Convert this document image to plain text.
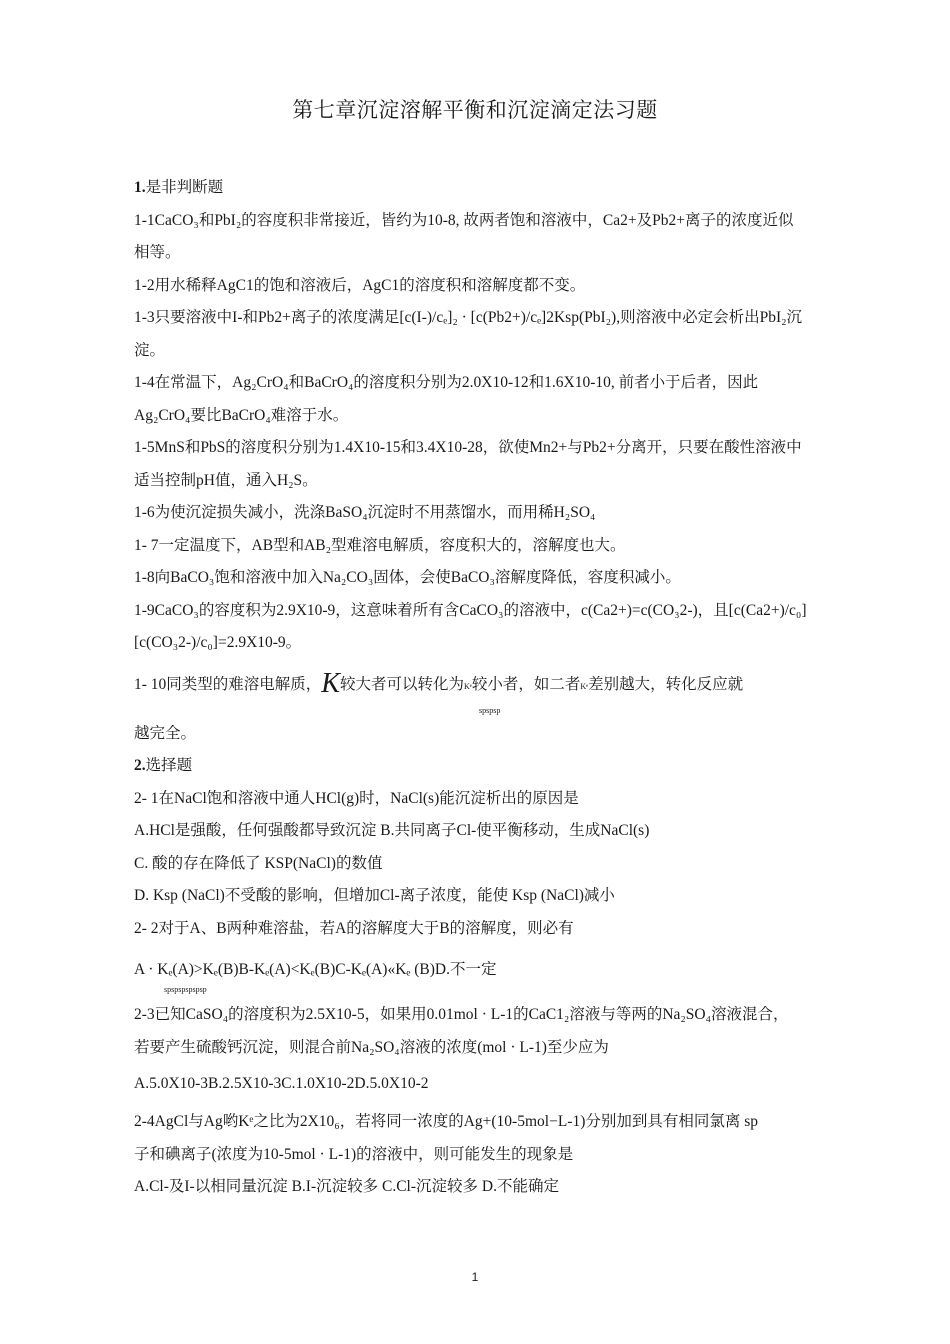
第七章沉淀溶解平衡和沉淀滴定法习题
1.是非判断题
1-1CaCO₃和PbI₂的容度积非常接近，皆约为10-8, 故两者饱和溶液中，Ca2+及Pb2+离子的浓度近似
相等。
1-2用水稀释AgC1的饱和溶液后，AgC1的溶度积和溶解度都不变。
1-3只要溶液中I-和Pb2+离子的浓度满足[c(I-)/cₑ]₂ · [c(Pb2+)/cₑ]2Ksp(PbI₂),则溶液中必定会析出PbI₂沉
淀。
1-4在常温下，Ag₂CrO₄和BaCrO₄的溶度积分别为2.0X10-12和1.6X10-10, 前者小于后者，因此
Ag₂CrO₄要比BaCrO₄难溶于水。
1-5MnS和PbS的溶度积分别为1.4X10-15和3.4X10-28，欲使Mn2+与Pb2+分离开，只要在酸性溶液中
适当控制pH值，通入H₂S。
1-6为使沉淀损失减小，洗涤BaSO₄沉淀时不用蒸馏水，而用稀H₂SO₄
1- 7一定温度下，AB型和AB₂型难溶电解质，容度积大的，溶解度也大。
1-8向BaCO₃饱和溶液中加入Na₂CO₃固体，会使BaCO₃溶解度降低，容度积减小。
1-9CaCO₃的容度积为2.9X10-9，这意味着所有含CaCO₃的溶液中，c(Ca2+)=c(CO₃2-)，且[c(Ca2+)/c₀]
[c(CO₃2-)/c₀]=2.9X10-9。
1- 10同类型的难溶电解质，K较大者可以转化为Kᵉ较小者，如二者Kᵉ差别越大，转化反应就
spspsp
越完全。
2.选择题
2- 1在NaCl饱和溶液中通人HCl(g)时，NaCl(s)能沉淀析出的原因是
A.HCl是强酸，任何强酸都导致沉淀 B.共同离子Cl-使平衡移动，生成NaCl(s)
C. 酸的存在降低了 KSP(NaCl)的数值
D. Ksp (NaCl)不受酸的影响，但增加Cl-离子浓度，能使 Ksp (NaCl)减小
2- 2对于A、B两种难溶盐，若A的溶解度大于B的溶解度，则必有
A · Kₑ(A)>Kₑ(B)B-Kₑ(A)<Kₑ(B)C-Kₑ(A)«Kₑ (B)D.不一定
spspspspspsp
2-3已知CaSO₄的溶度积为2.5X10-5，如果用0.01mol · L-1的CaC1₂溶液与等两的Na₂SO₄溶液混合，
若要产生硫酸钙沉淀，则混合前Na₂SO₄溶液的浓度(mol · L-1)至少应为
A.5.0X10-3B.2.5X10-3C.1.0X10-2D.5.0X10-2
2-4AgCl与Ag哟Kᵉ之比为2X10₆，若将同一浓度的Ag+(10-5mol−L-1)分别加到具有相同氯离 sp
子和碘离子(浓度为10-5mol · L-1)的溶液中，则可能发生的现象是
A.Cl-及I-以相同量沉淀 B.I-沉淀较多 C.Cl-沉淀较多 D.不能确定
1
